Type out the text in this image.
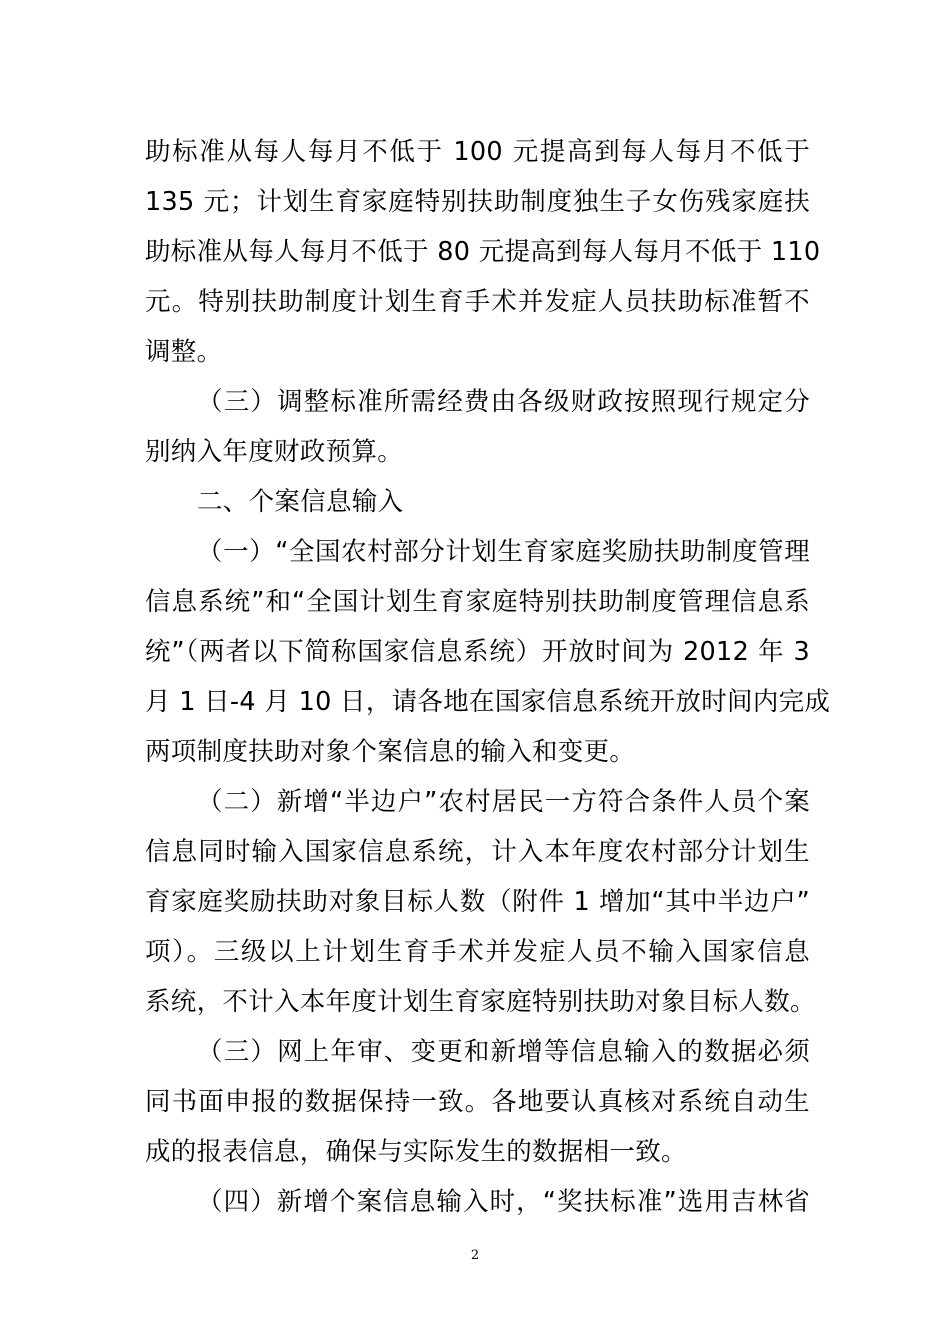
助标准从每人每月不低于 100 元提高到每人每月不低于
135 元；计划生育家庭特别扶助制度独生子女伤残家庭扶
助标准从每人每月不低于 80 元提高到每人每月不低于 110
元。特别扶助制度计划生育手术并发症人员扶助标准暂不
调整。
（三）调整标准所需经费由各级财政按照现行规定分
别纳入年度财政预算。
二、个案信息输入
（一）“全国农村部分计划生育家庭奖励扶助制度管理
信息系统”和“全国计划生育家庭特别扶助制度管理信息系
统”（两者以下简称国家信息系统）开放时间为 2012 年 3
月 1 日-4 月 10 日，请各地在国家信息系统开放时间内完成
两项制度扶助对象个案信息的输入和变更。
（二）新增“半边户”农村居民一方符合条件人员个案
信息同时输入国家信息系统，计入本年度农村部分计划生
育家庭奖励扶助对象目标人数（附件 1 增加“其中半边户”
项）。三级以上计划生育手术并发症人员不输入国家信息
系统，不计入本年度计划生育家庭特别扶助对象目标人数。
（三）网上年审、变更和新增等信息输入的数据必须
同书面申报的数据保持一致。各地要认真核对系统自动生
成的报表信息，确保与实际发生的数据相一致。
（四）新增个案信息输入时，“奖扶标准”选用吉林省
2
